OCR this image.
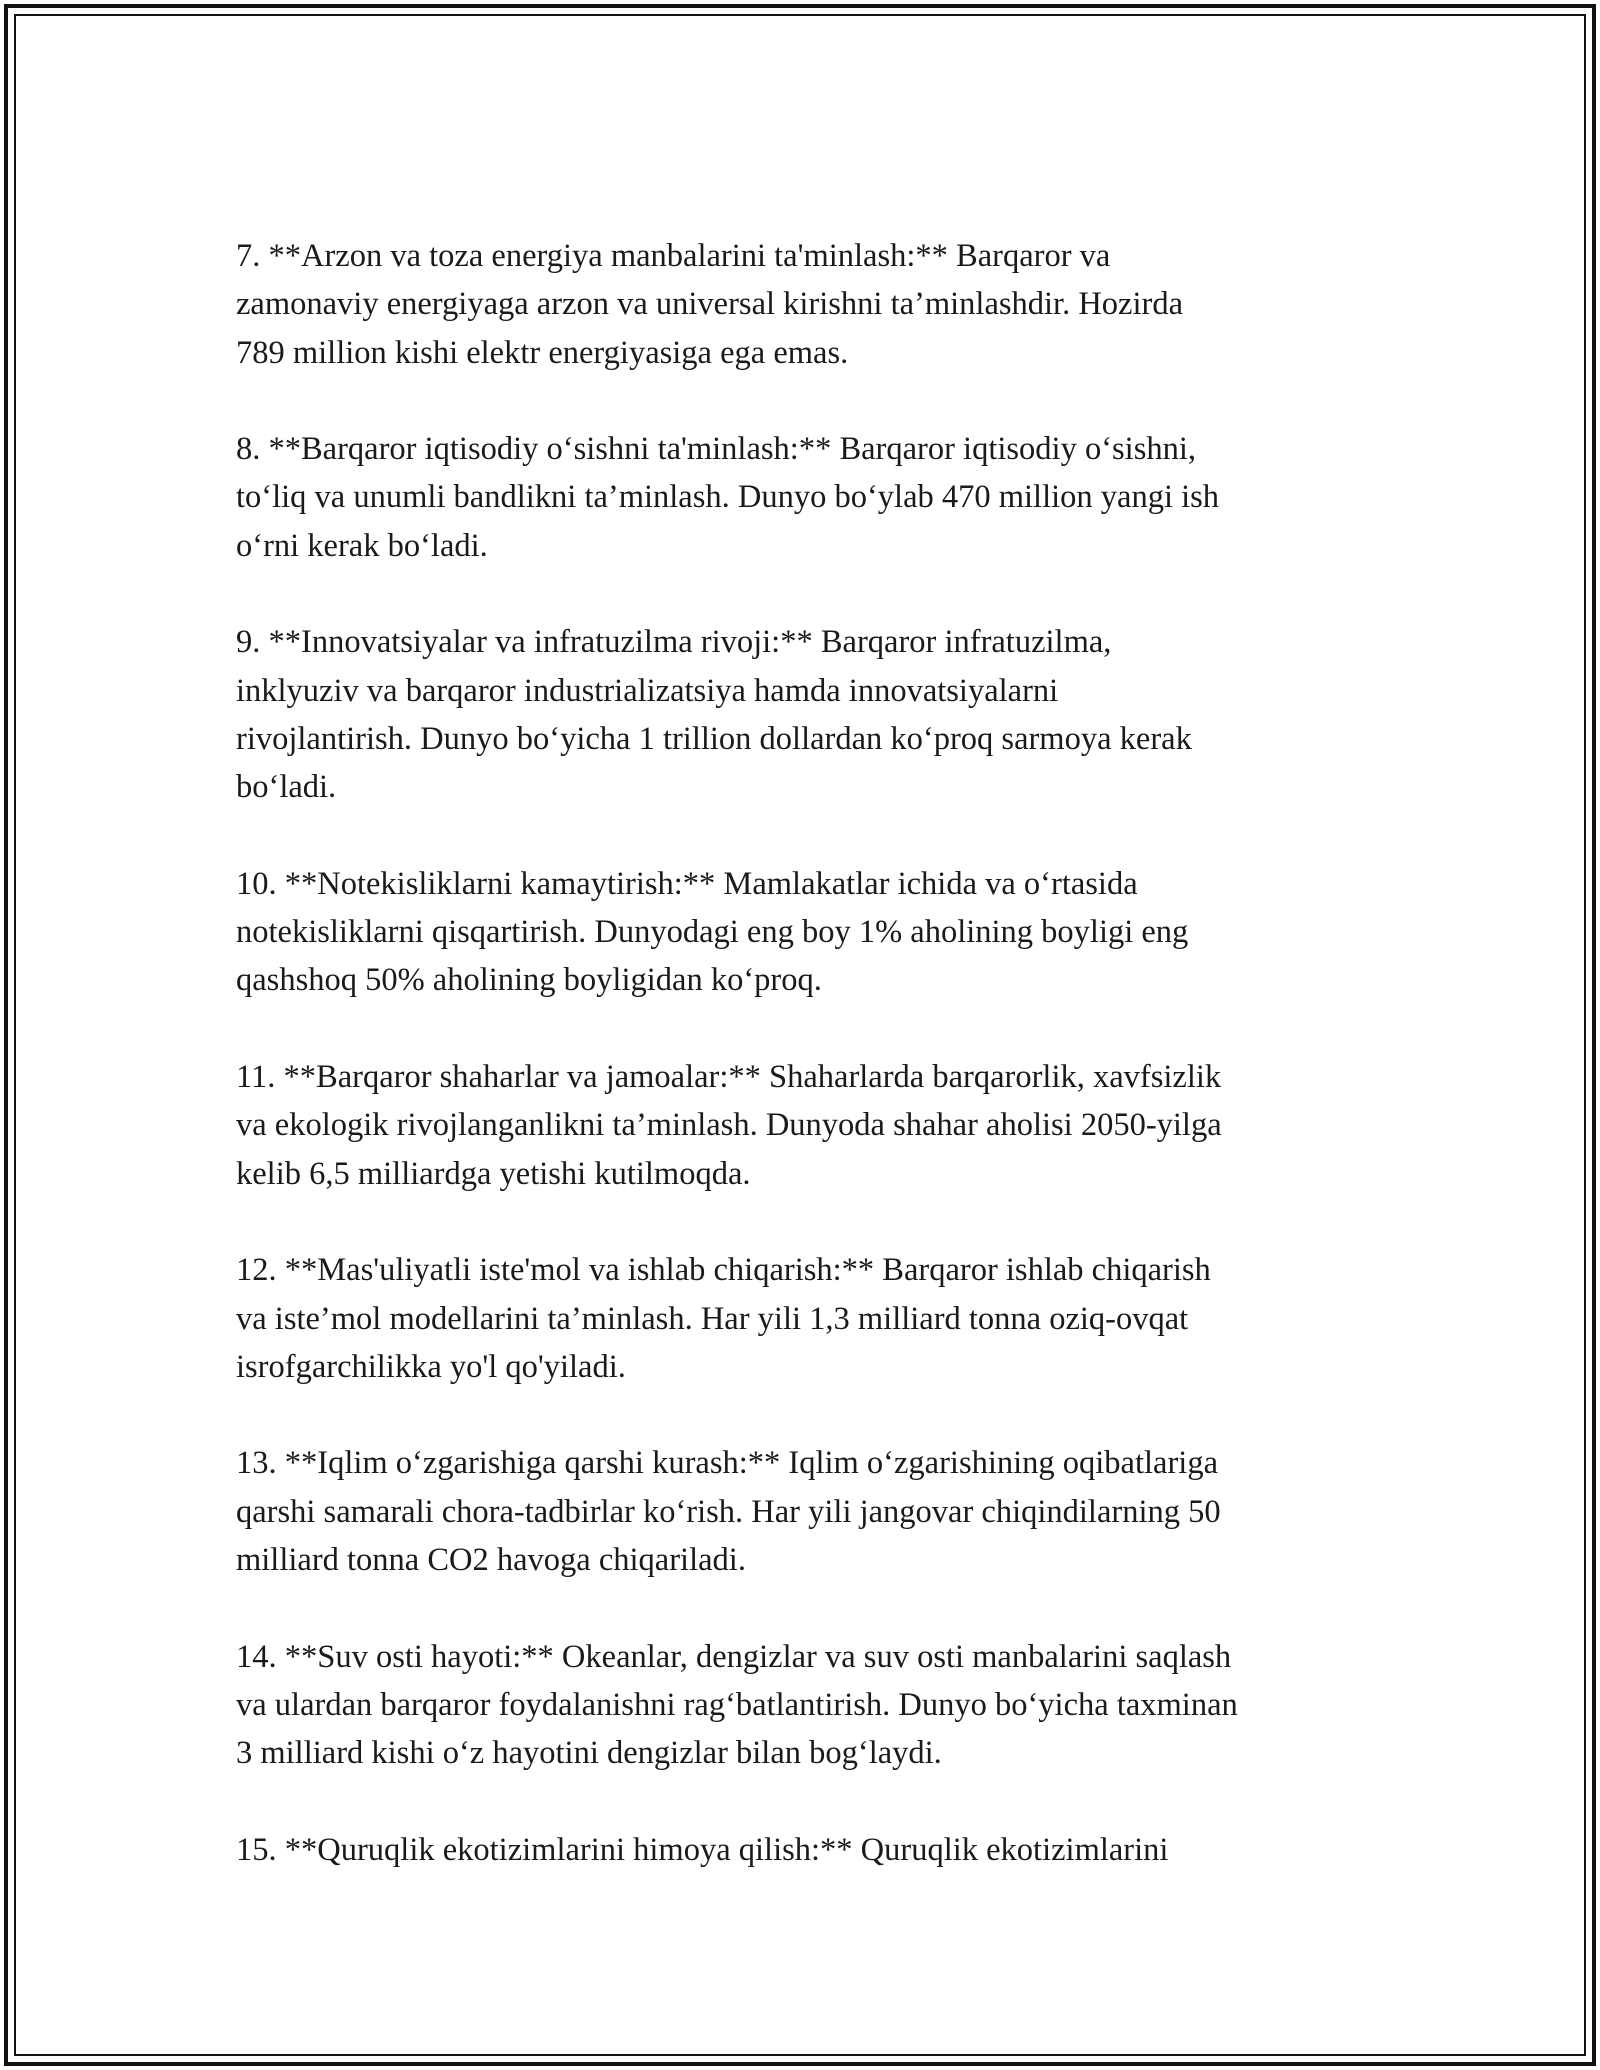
7. **Arzon va toza energiya manbalarini ta'minlash:** Barqaror va
zamonaviy energiyaga arzon va universal kirishni ta’minlashdir. Hozirda
789 million kishi elektr energiyasiga ega emas.
8. **Barqaror iqtisodiy o‘sishni ta'minlash:** Barqaror iqtisodiy o‘sishni,
to‘liq va unumli bandlikni ta’minlash. Dunyo bo‘ylab 470 million yangi ish
o‘rni kerak bo‘ladi.
9. **Innovatsiyalar va infratuzilma rivoji:** Barqaror infratuzilma,
inklyuziv va barqaror industrializatsiya hamda innovatsiyalarni
rivojlantirish. Dunyo bo‘yicha 1 trillion dollardan ko‘proq sarmoya kerak
bo‘ladi.
10. **Notekisliklarni kamaytirish:** Mamlakatlar ichida va o‘rtasida
notekisliklarni qisqartirish. Dunyodagi eng boy 1% aholining boyligi eng
qashshoq 50% aholining boyligidan ko‘proq.
11. **Barqaror shaharlar va jamoalar:** Shaharlarda barqarorlik, xavfsizlik
va ekologik rivojlanganlikni ta’minlash. Dunyoda shahar aholisi 2050-yilga
kelib 6,5 milliardga yetishi kutilmoqda.
12. **Mas'uliyatli iste'mol va ishlab chiqarish:** Barqaror ishlab chiqarish
va iste’mol modellarini ta’minlash. Har yili 1,3 milliard tonna oziq-ovqat
isrofgarchilikka yo'l qo'yiladi.
13. **Iqlim o‘zgarishiga qarshi kurash:** Iqlim o‘zgarishining oqibatlariga
qarshi samarali chora-tadbirlar ko‘rish. Har yili jangovar chiqindilarning 50
milliard tonna CO2 havoga chiqariladi.
14. **Suv osti hayoti:** Okeanlar, dengizlar va suv osti manbalarini saqlash
va ulardan barqaror foydalanishni rag‘batlantirish. Dunyo bo‘yicha taxminan
3 milliard kishi o‘z hayotini dengizlar bilan bog‘laydi.
15. **Quruqlik ekotizimlarini himoya qilish:** Quruqlik ekotizimlarini
